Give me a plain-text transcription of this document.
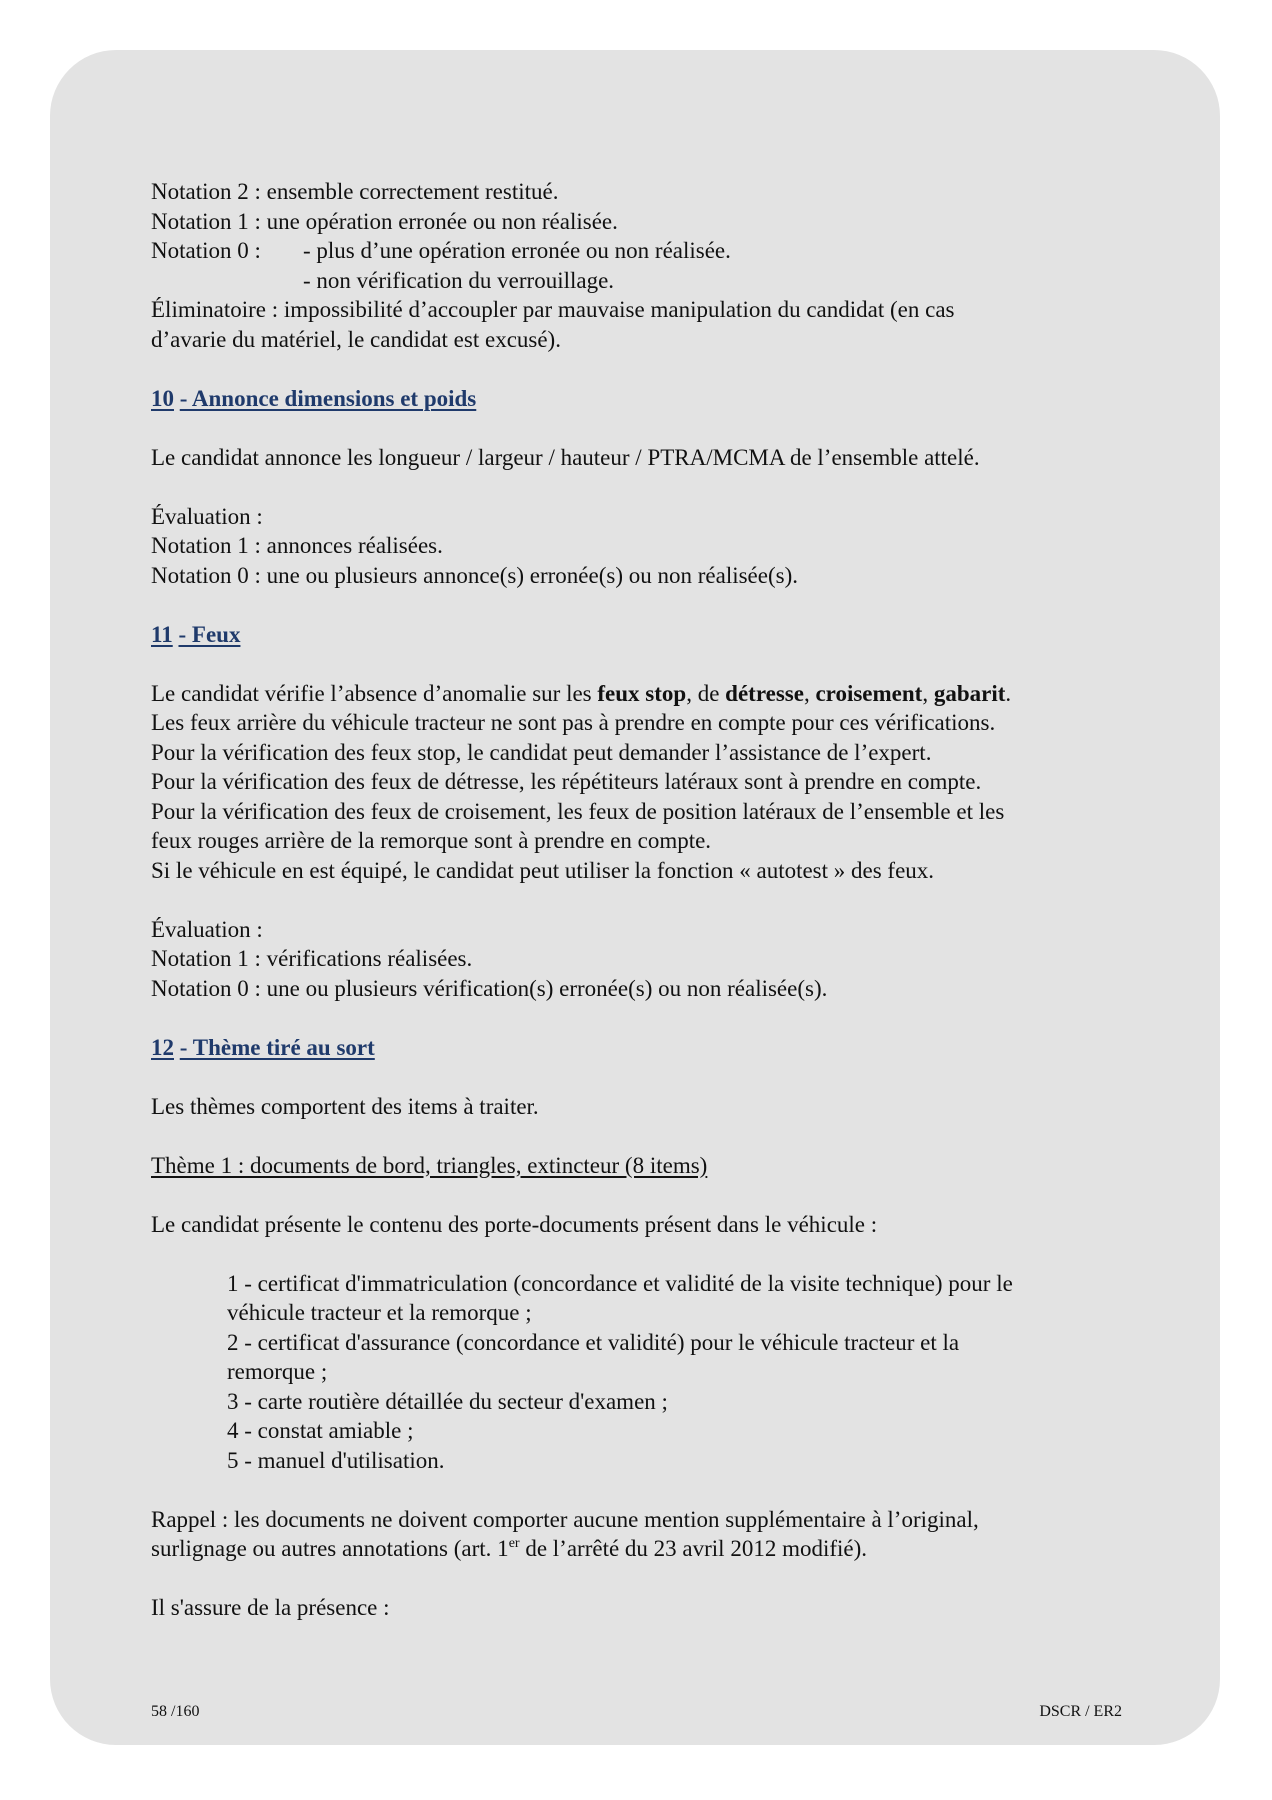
Notation 2 : ensemble correctement restitué.
Notation 1 : une opération erronée ou non réalisée.
Notation 0 : - plus d’une opération erronée ou non réalisée.
- non vérification du verrouillage.
Éliminatoire : impossibilité d’accoupler par mauvaise manipulation du candidat (en cas
d’avarie du matériel, le candidat est excusé).
10 - Annonce dimensions et poids
Le candidat annonce les longueur / largeur / hauteur / PTRA/MCMA de l’ensemble attelé.
Évaluation :
Notation 1 : annonces réalisées.
Notation 0 : une ou plusieurs annonce(s) erronée(s) ou non réalisée(s).
11 - Feux
Le candidat vérifie l’absence d’anomalie sur les feux stop, de détresse, croisement, gabarit.
Les feux arrière du véhicule tracteur ne sont pas à prendre en compte pour ces vérifications.
Pour la vérification des feux stop, le candidat peut demander l’assistance de l’expert.
Pour la vérification des feux de détresse, les répétiteurs latéraux sont à prendre en compte.
Pour la vérification des feux de croisement, les feux de position latéraux de l’ensemble et les
feux rouges arrière de la remorque sont à prendre en compte.
Si le véhicule en est équipé, le candidat peut utiliser la fonction « autotest » des feux.
Évaluation :
Notation 1 : vérifications réalisées.
Notation 0 : une ou plusieurs vérification(s) erronée(s) ou non réalisée(s).
12 - Thème tiré au sort
Les thèmes comportent des items à traiter.
Thème 1 : documents de bord, triangles, extincteur (8 items)
Le candidat présente le contenu des porte-documents présent dans le véhicule :
1 - certificat d'immatriculation (concordance et validité de la visite technique) pour le
véhicule tracteur et la remorque ;
2 - certificat d'assurance (concordance et validité) pour le véhicule tracteur et la
remorque ;
3 - carte routière détaillée du secteur d'examen ;
4 - constat amiable ;
5 - manuel d'utilisation.
Rappel : les documents ne doivent comporter aucune mention supplémentaire à l’original,
surlignage ou autres annotations (art. 1er de l’arrêté du 23 avril 2012 modifié).
Il s'assure de la présence :
58 /160	DSCR / ER2
